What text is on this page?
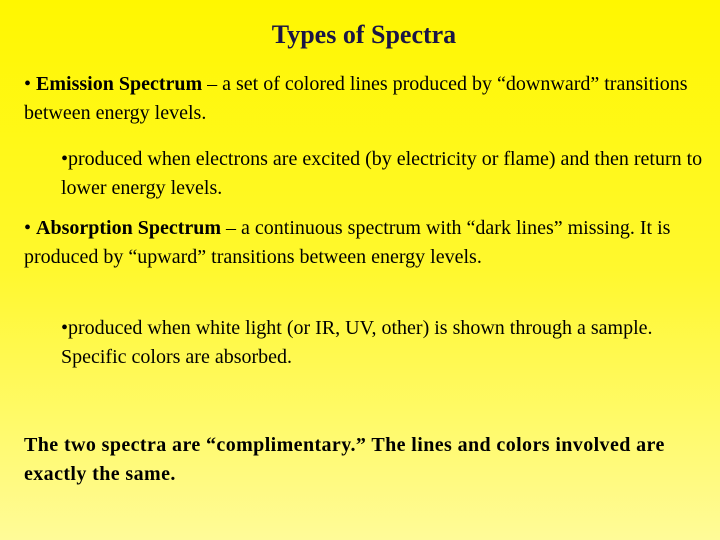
Types of Spectra

• Emission Spectrum – a set of colored lines produced by “downward” transitions between energy levels.

•produced when electrons are excited (by electricity or flame) and then return to lower energy levels.

• Absorption Spectrum – a continuous spectrum with “dark lines” missing. It is produced by “upward” transitions between energy levels.

•produced when white light (or IR, UV, other) is shown through a sample. Specific colors are absorbed.

The two spectra are “complimentary.” The lines and colors involved are exactly the same.
